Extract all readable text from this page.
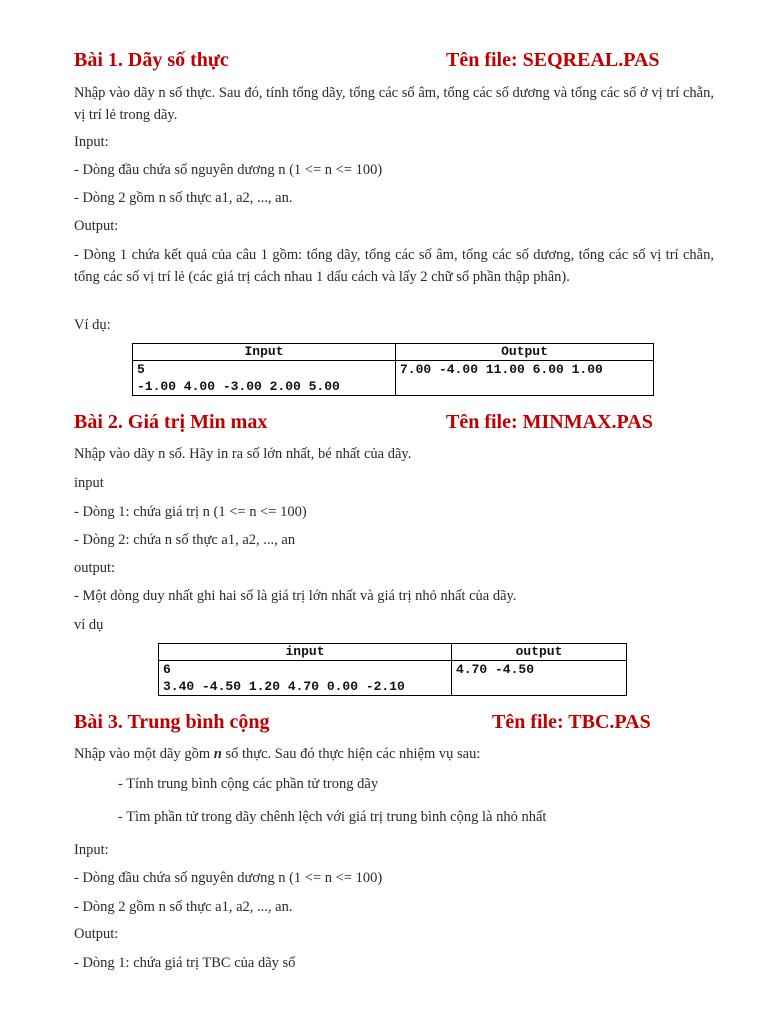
Bài 1. Dãy số thực	Tên file: SEQREAL.PAS
Nhập vào dãy n số thực. Sau đó, tính tổng dãy, tổng các số âm, tổng các số dương và tổng các số ở vị trí chẵn, vị trí lẻ trong dãy.
Input:
- Dòng đầu chứa số nguyên dương n (1 <= n <= 100)
- Dòng 2 gồm n số thực a1, a2, ..., an.
Output:
- Dòng 1 chứa kết quả của câu 1 gồm: tổng dãy, tổng các số âm, tổng các số dương, tổng các số vị trí chẵn, tổng các số vị trí lẻ (các giá trị cách nhau 1 dấu cách và lấy 2 chữ số phần thập phân).
Ví dụ:
Input	Output

5
-1.00 4.00 -3.00 2.00 5.00	7.00 -4.00 11.00 6.00 1.00
Bài 2. Giá trị Min max	Tên file: MINMAX.PAS
Nhập vào dãy n số. Hãy in ra số lớn nhất, bé nhất của dãy.
input
- Dòng 1: chứa giá trị n (1 <= n <= 100)
- Dòng 2: chứa n số thực a1, a2, ..., an
output:
- Một dòng duy nhất ghi hai số là giá trị lớn nhất và giá trị nhỏ nhất của dãy.
ví dụ
input	output

6
3.40 -4.50 1.20 4.70 0.00 -2.10	4.70 -4.50
Bài 3. Trung bình cộng	Tên file: TBC.PAS
Nhập vào một dãy gồm n số thực. Sau đó thực hiện các nhiệm vụ sau:
- Tính trung bình cộng các phần tử trong dãy
- Tìm phần tử trong dãy chênh lệch với giá trị trung bình cộng là nhỏ nhất
Input:
- Dòng đầu chứa số nguyên dương n (1 <= n <= 100)
- Dòng 2 gồm n số thực a1, a2, ..., an.
Output:
- Dòng 1: chứa giá trị TBC của dãy số
